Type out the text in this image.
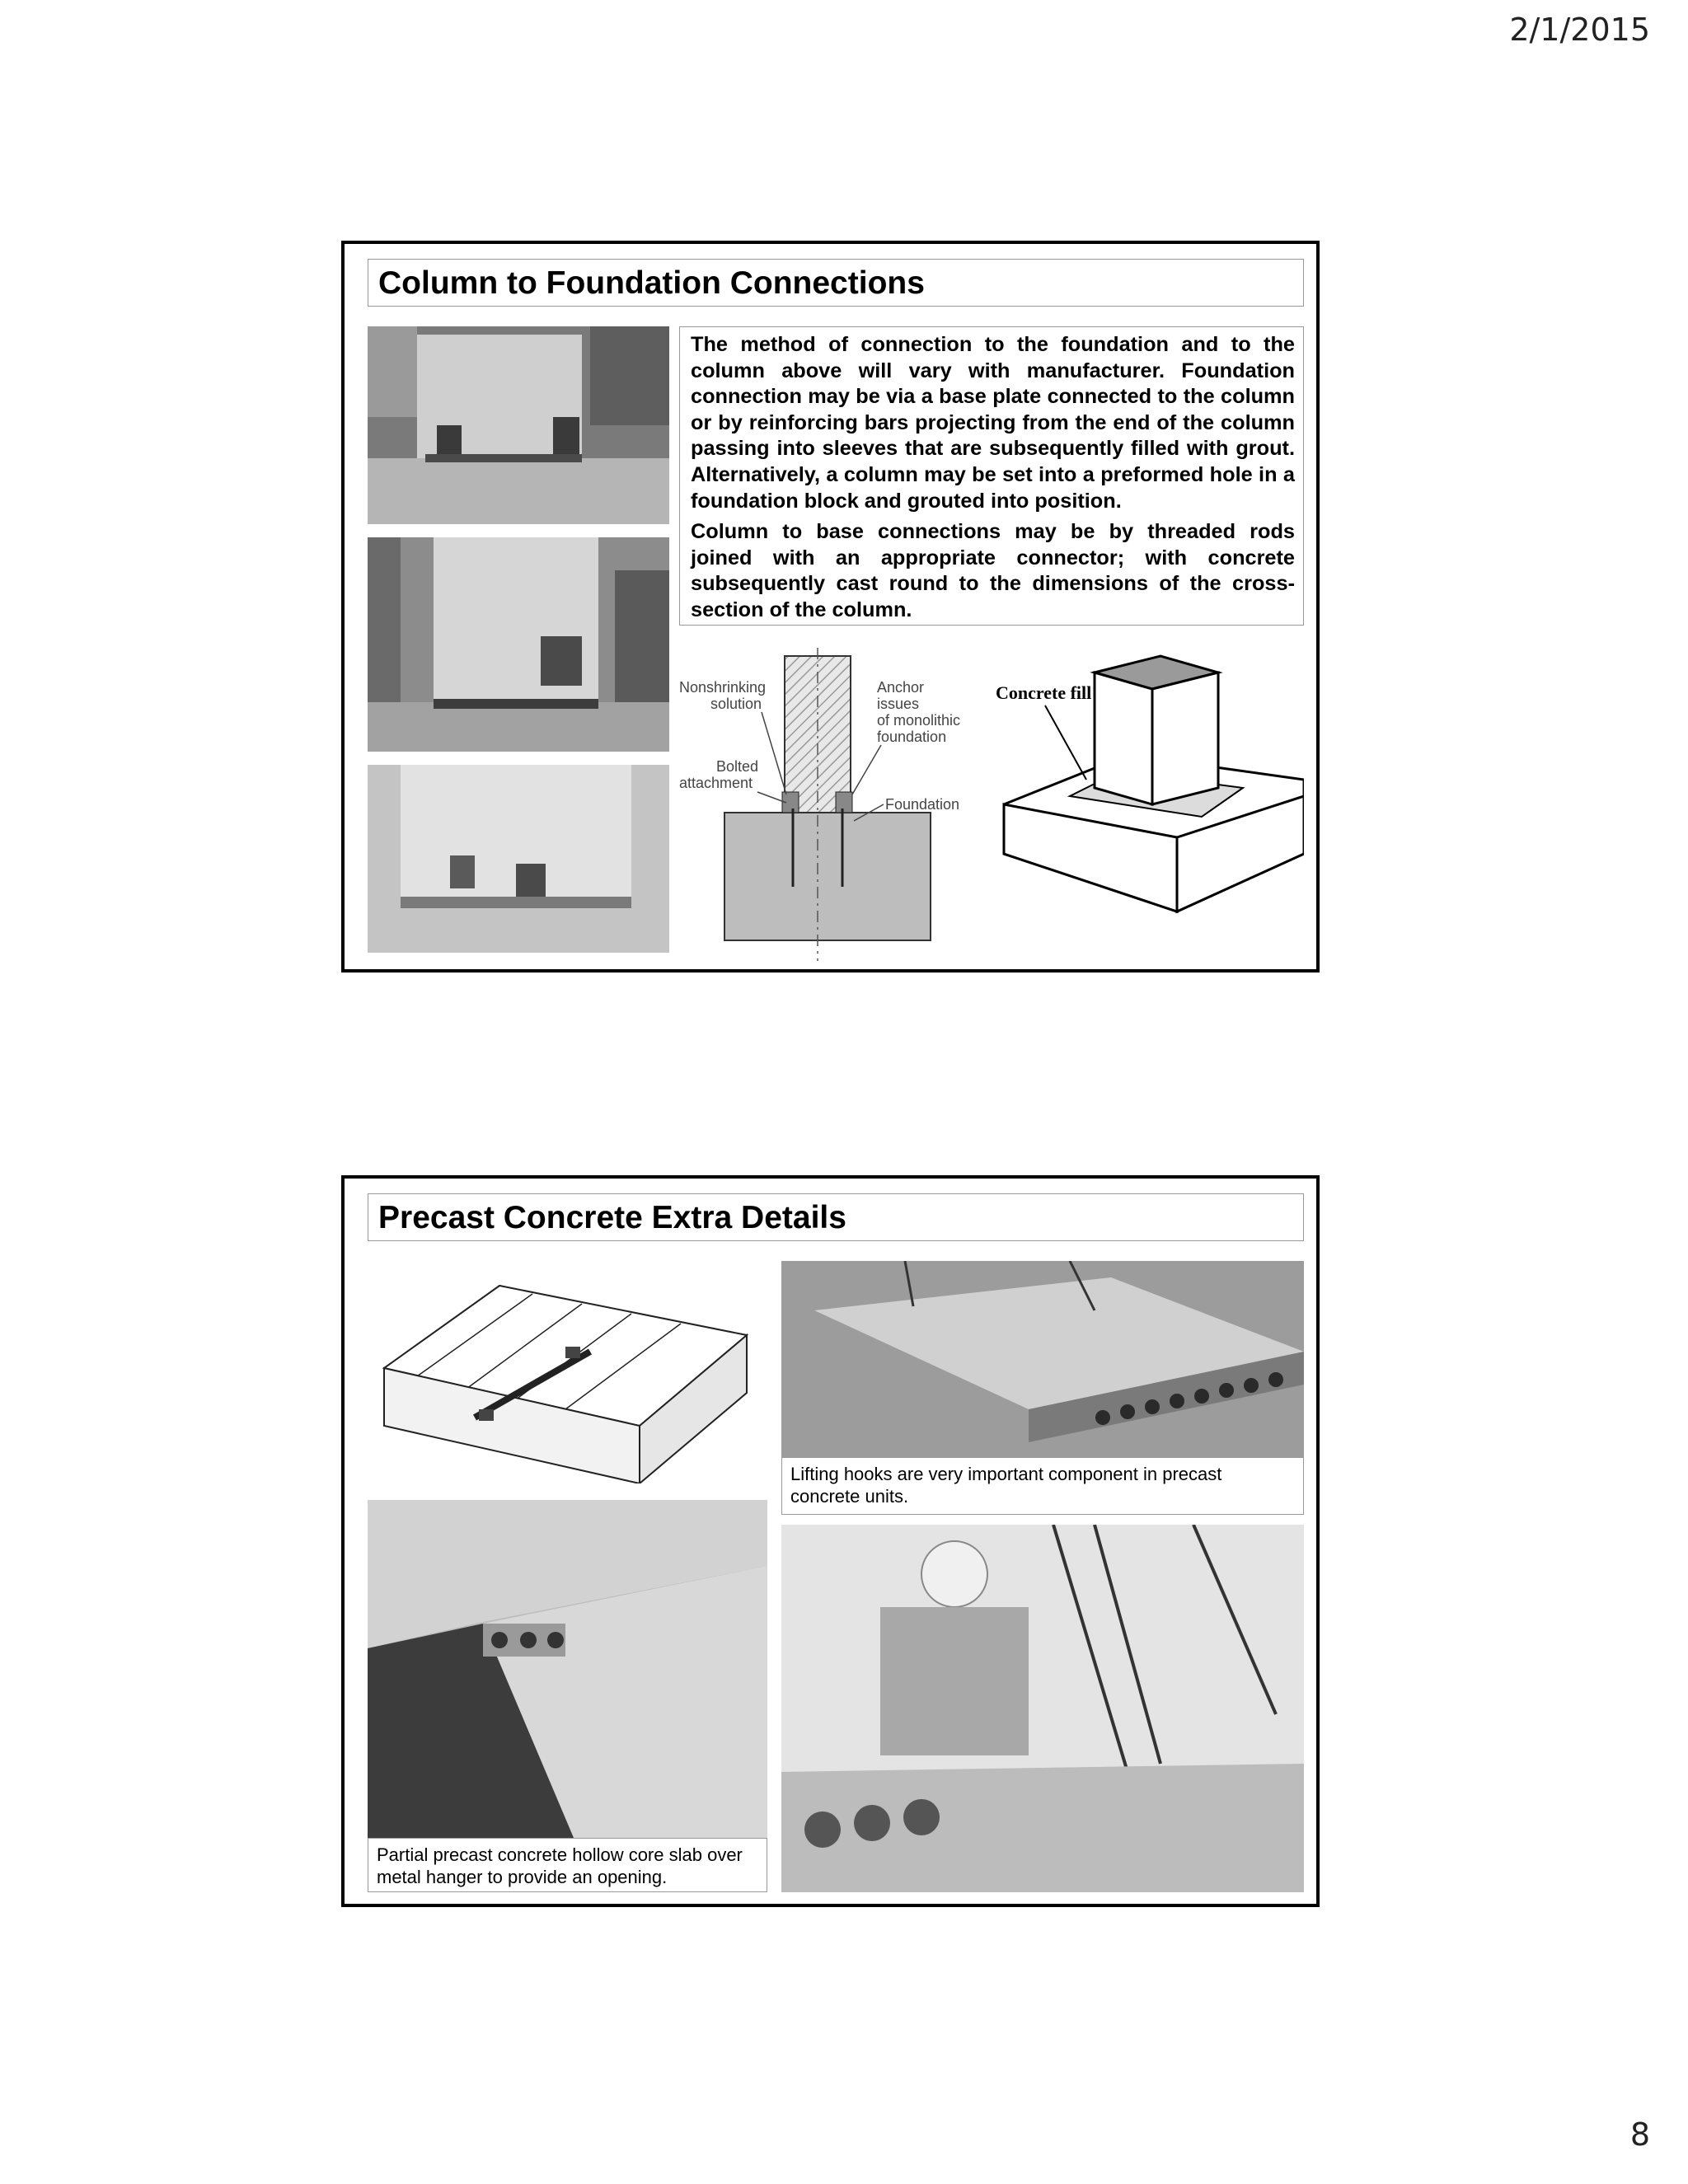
2/1/2015
Column to Foundation Connections

The method of connection to the foundation and to the column above will vary with manufacturer. Foundation connection may be via a base plate connected to the column or by reinforcing bars projecting from the end of the column passing into sleeves that are subsequently filled with grout. Alternatively, a column may be set into a preformed hole in a foundation block and grouted into position.

Column to base connections may be by threaded rods joined with an appropriate connector; with concrete subsequently cast round to the dimensions of the cross-section of the column.

Nonshrinking
solution
Anchor
issues
of monolithic
foundation
Bolted
attachment
Foundation
Concrete fill
Precast Concrete Extra Details
Lifting hooks are very important component in precast concrete units.
Partial precast concrete hollow core slab over metal hanger to provide an opening.
8
